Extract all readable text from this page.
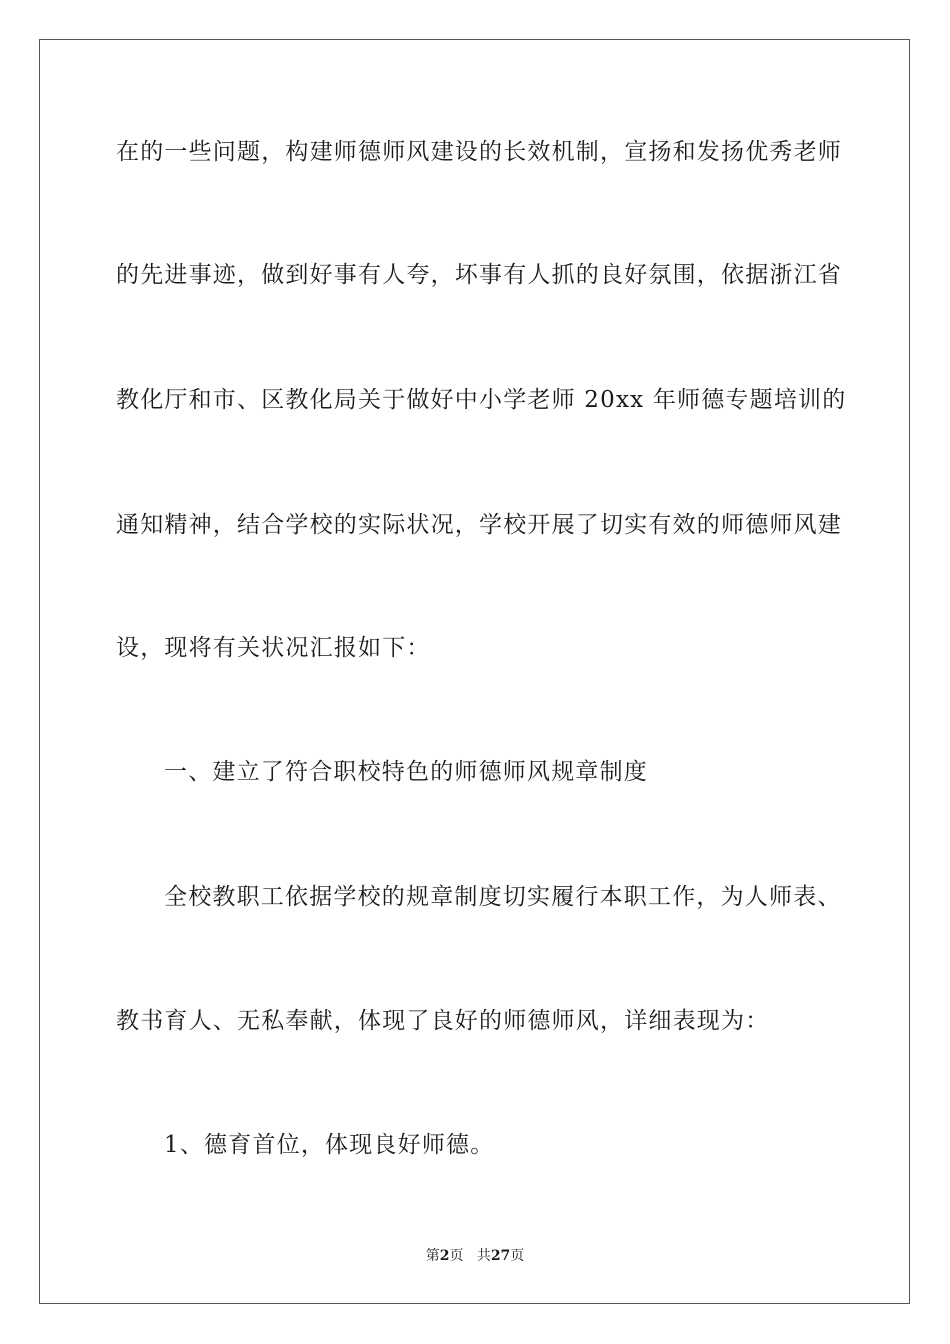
在的一些问题，构建师德师风建设的长效机制，宣扬和发扬优秀老师
的先进事迹，做到好事有人夸，坏事有人抓的良好氛围，依据浙江省
教化厅和市、区教化局关于做好中小学老师 20xx 年师德专题培训的
通知精神，结合学校的实际状况，学校开展了切实有效的师德师风建
设，现将有关状况汇报如下：
一、建立了符合职校特色的师德师风规章制度
全校教职工依据学校的规章制度切实履行本职工作，为人师表、
教书育人、无私奉献，体现了良好的师德师风，详细表现为：
1、德育首位，体现良好师德。
第2页 共27页
